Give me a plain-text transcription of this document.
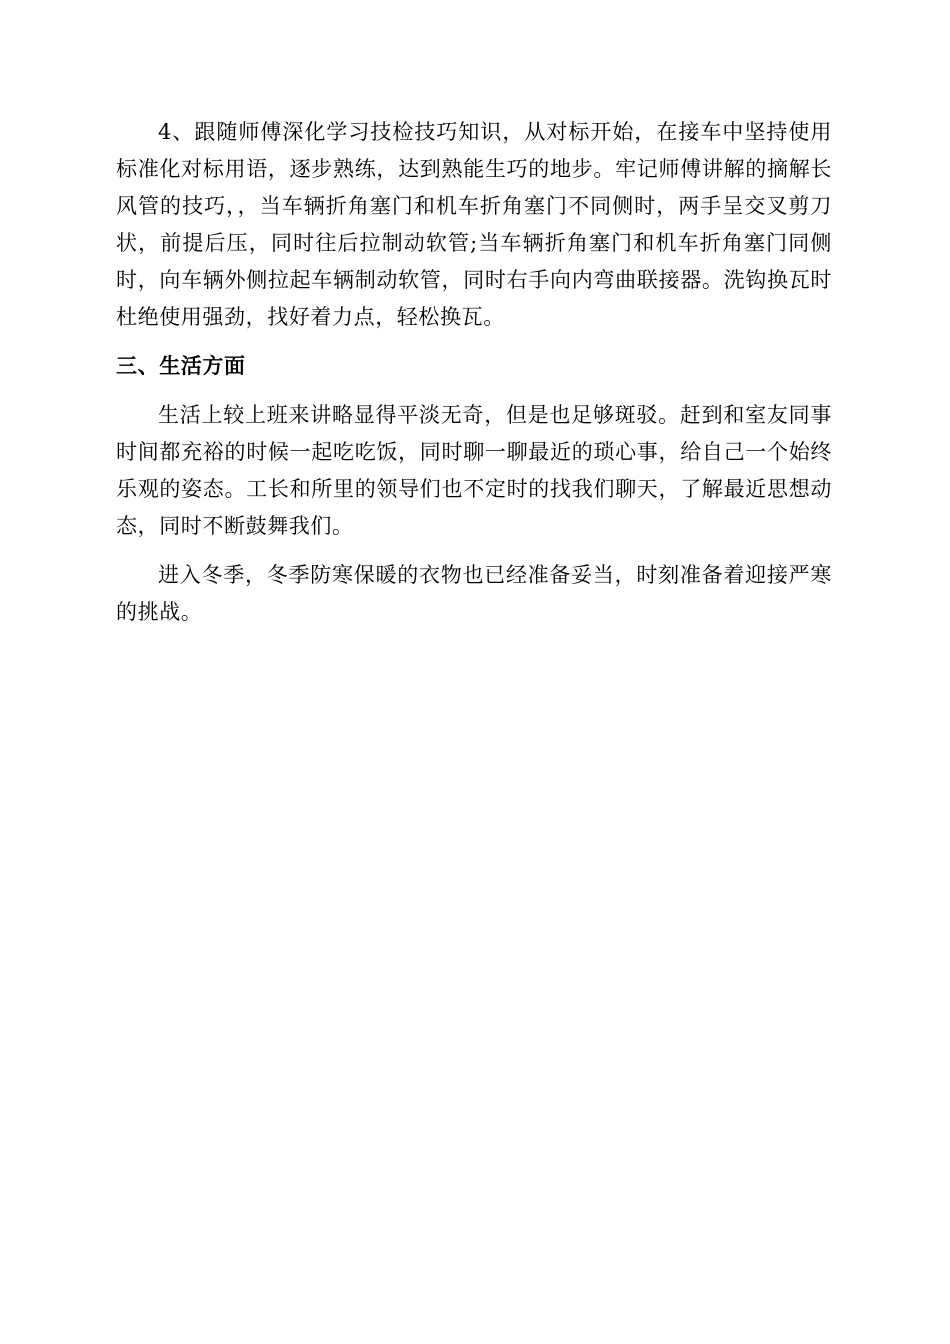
4、跟随师傅深化学习技检技巧知识，从对标开始，在接车中坚持使用标准化对标用语，逐步熟练，达到熟能生巧的地步。牢记师傅讲解的摘解长风管的技巧，，当车辆折角塞门和机车折角塞门不同侧时，两手呈交叉剪刀状，前提后压，同时往后拉制动软管;当车辆折角塞门和机车折角塞门同侧时，向车辆外侧拉起车辆制动软管，同时右手向内弯曲联接器。洗钩换瓦时杜绝使用强劲，找好着力点，轻松换瓦。

三、生活方面

生活上较上班来讲略显得平淡无奇，但是也足够斑驳。赶到和室友同事时间都充裕的时候一起吃吃饭，同时聊一聊最近的琐心事，给自己一个始终乐观的姿态。工长和所里的领导们也不定时的找我们聊天，了解最近思想动态，同时不断鼓舞我们。

进入冬季，冬季防寒保暖的衣物也已经准备妥当，时刻准备着迎接严寒的挑战。
